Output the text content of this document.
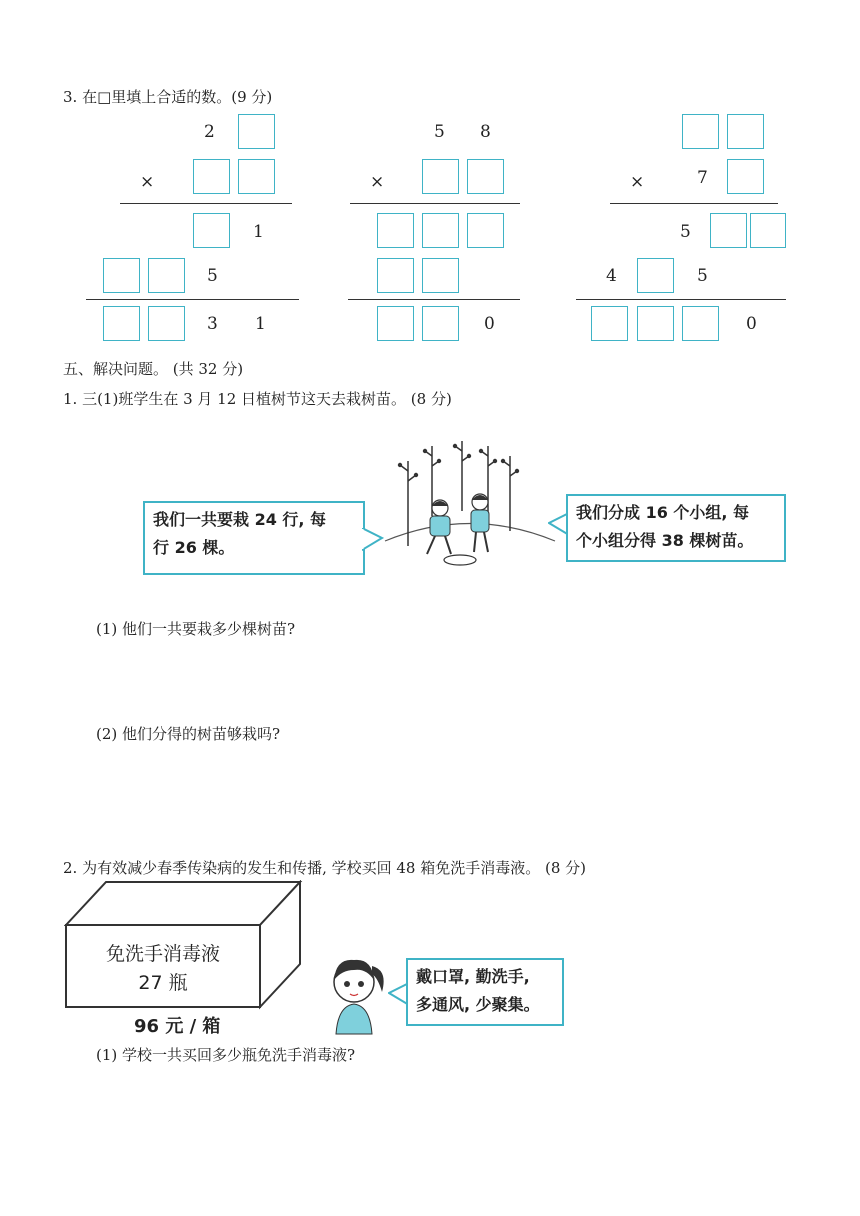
3. 在□里填上合适的数。(9 分)
2
×
1
5
3 1
5 8
×
0
×	7
5
4	5
0
五、解决问题。 (共 32 分)
1. 三(1)班学生在 3 月 12 日植树节这天去栽树苗。 (8 分)
我们一共要栽 24 行, 每
行 26 棵。
我们分成 16 个小组, 每
个小组分得 38 棵树苗。
(1) 他们一共要栽多少棵树苗?
(2) 他们分得的树苗够栽吗?
2. 为有效减少春季传染病的发生和传播, 学校买回 48 箱免洗手消毒液。 (8 分)
免洗手消毒液
27 瓶
96 元 / 箱
戴口罩, 勤洗手,
多通风, 少聚集。
(1) 学校一共买回多少瓶免洗手消毒液?
